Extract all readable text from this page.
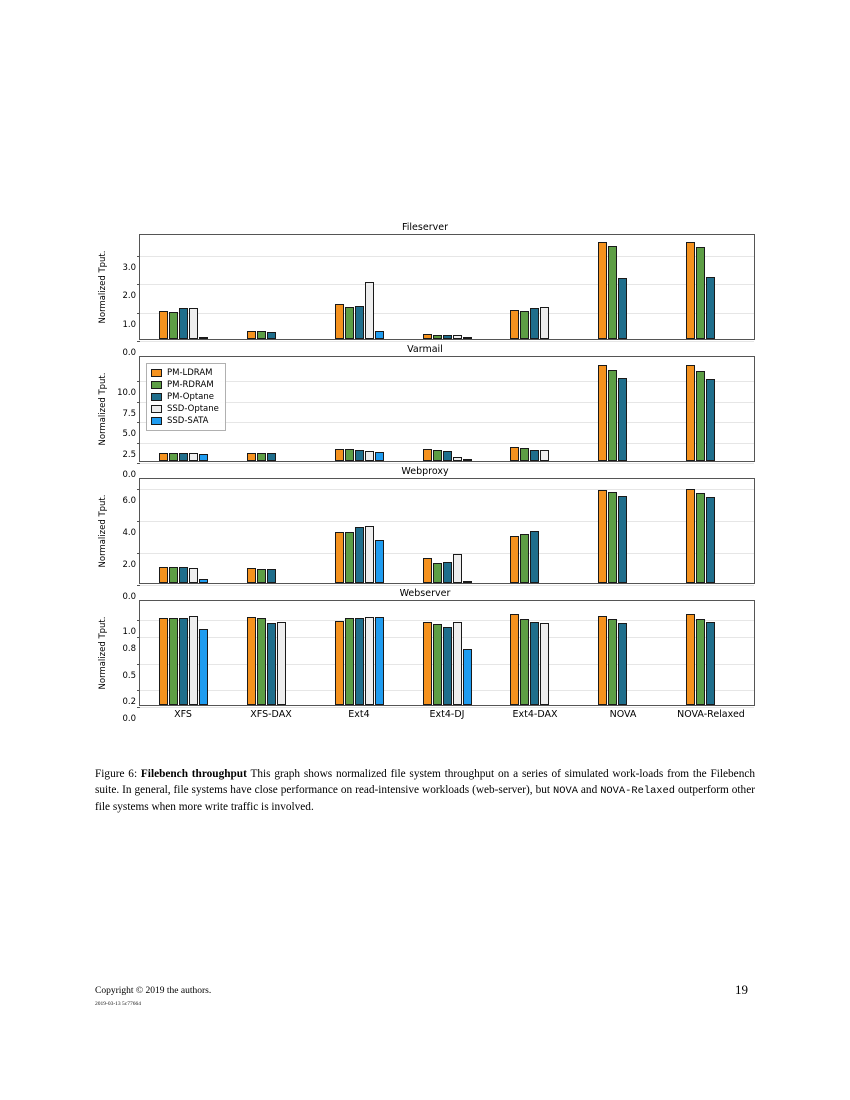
Fileserver
Normalized Tput.
0.0
1.0
2.0
3.0
Varmail
Normalized Tput.
0.0
2.5
5.0
7.5
10.0
PM-LDRAM
PM-RDRAM
PM-Optane
SSD-Optane
SSD-SATA
Webproxy
Normalized Tput.
0.0
2.0
4.0
6.0
Webserver
Normalized Tput.
0.0
0.2
0.5
0.8
1.0
XFS	XFS-DAX	Ext4	Ext4-DJ	Ext4-DAX	NOVA	NOVA-Relaxed
Figure 6: Filebench throughput This graph shows normalized file system throughput on a series of simulated work-loads from the Filebench suite. In general, file systems have close performance on read-intensive workloads (web-server), but NOVA and NOVA-Relaxed outperform other file systems when more write traffic is involved.
Copyright © 2019 the authors.
2019-03-13 5c77664
19
